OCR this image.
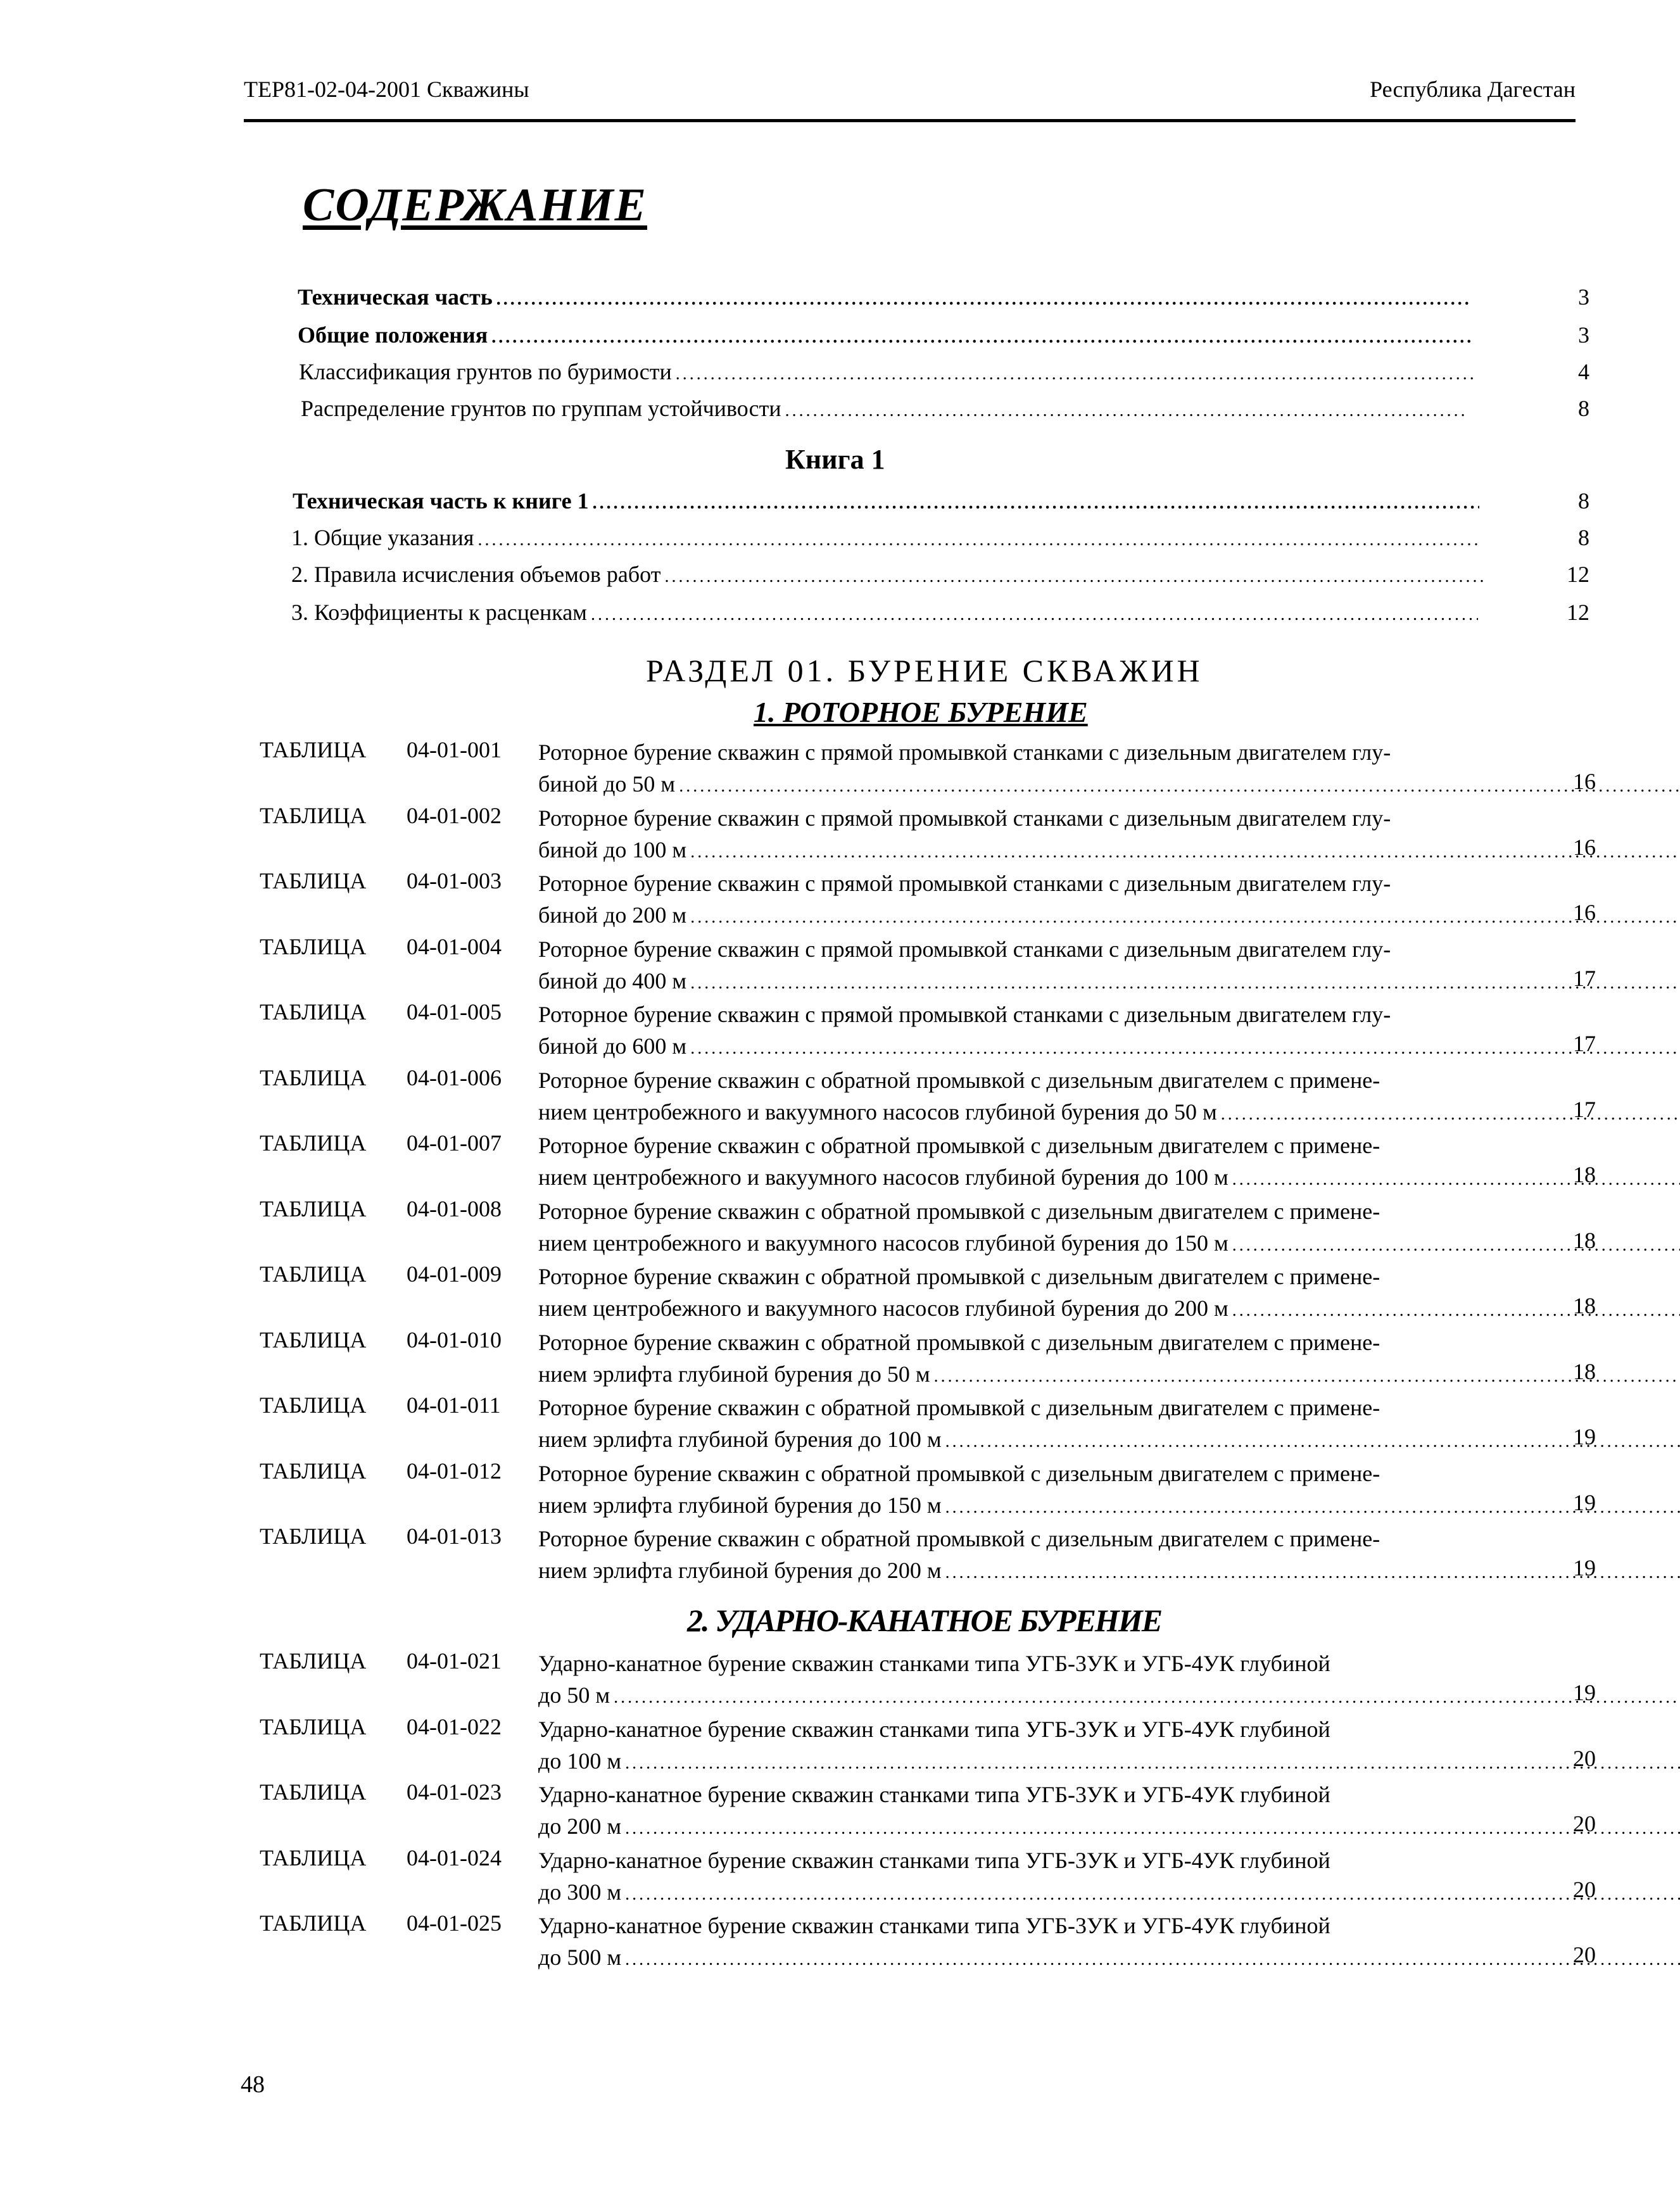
ТЕР81-02-04-2001 Скважины	Республика Дагестан
СОДЕРЖАНИЕ
Техническая часть .....	3
Общие положения .....	3
Классификация грунтов по буримости .....	4
Распределение грунтов по группам устойчивости .....	8
Книга 1
Техническая часть к книге 1 .....	8
1. Общие указания .....	8
2. Правила исчисления объемов работ .....	12
3. Коэффициенты к расценкам .....	12
РАЗДЕЛ 01. БУРЕНИЕ СКВАЖИН
1. РОТОРНОЕ БУРЕНИЕ
ТАБЛИЦА 04-01-001 Роторное бурение скважин с прямой промывкой станками с дизельным двигателем глу-
биной до 50 м .....	16
ТАБЛИЦА 04-01-002 Роторное бурение скважин с прямой промывкой станками с дизельным двигателем глу-
биной до 100 м .....	16
ТАБЛИЦА 04-01-003 Роторное бурение скважин с прямой промывкой станками с дизельным двигателем глу-
биной до 200 м .....	16
ТАБЛИЦА 04-01-004 Роторное бурение скважин с прямой промывкой станками с дизельным двигателем глу-
биной до 400 м .....	17
ТАБЛИЦА 04-01-005 Роторное бурение скважин с прямой промывкой станками с дизельным двигателем глу-
биной до 600 м .....	17
ТАБЛИЦА 04-01-006 Роторное бурение скважин с обратной промывкой с дизельным двигателем с примене-
нием центробежного и вакуумного насосов глубиной бурения до 50 м .....	17
ТАБЛИЦА 04-01-007 Роторное бурение скважин с обратной промывкой с дизельным двигателем с примене-
нием центробежного и вакуумного насосов глубиной бурения до 100 м .....	18
ТАБЛИЦА 04-01-008 Роторное бурение скважин с обратной промывкой с дизельным двигателем с примене-
нием центробежного и вакуумного насосов глубиной бурения до 150 м .....	18
ТАБЛИЦА 04-01-009 Роторное бурение скважин с обратной промывкой с дизельным двигателем с примене-
нием центробежного и вакуумного насосов глубиной бурения до 200 м .....	18
ТАБЛИЦА 04-01-010 Роторное бурение скважин с обратной промывкой с дизельным двигателем с примене-
нием эрлифта глубиной бурения до 50 м .....	18
ТАБЛИЦА 04-01-011 Роторное бурение скважин с обратной промывкой с дизельным двигателем с примене-
нием эрлифта глубиной бурения до 100 м .....	19
ТАБЛИЦА 04-01-012 Роторное бурение скважин с обратной промывкой с дизельным двигателем с примене-
нием эрлифта глубиной бурения до 150 м .....	19
ТАБЛИЦА 04-01-013 Роторное бурение скважин с обратной промывкой с дизельным двигателем с примене-
нием эрлифта глубиной бурения до 200 м .....	19
2. УДАРНО-КАНАТНОЕ БУРЕНИЕ
ТАБЛИЦА 04-01-021 Ударно-канатное бурение скважин станками типа УГБ-3УК и УГБ-4УК глубиной
до 50 м .....	19
ТАБЛИЦА 04-01-022 Ударно-канатное бурение скважин станками типа УГБ-3УК и УГБ-4УК глубиной
до 100 м .....	20
ТАБЛИЦА 04-01-023 Ударно-канатное бурение скважин станками типа УГБ-3УК и УГБ-4УК глубиной
до 200 м .....	20
ТАБЛИЦА 04-01-024 Ударно-канатное бурение скважин станками типа УГБ-3УК и УГБ-4УК глубиной
до 300 м .....	20
ТАБЛИЦА 04-01-025 Ударно-канатное бурение скважин станками типа УГБ-3УК и УГБ-4УК глубиной
до 500 м .....	20
48
